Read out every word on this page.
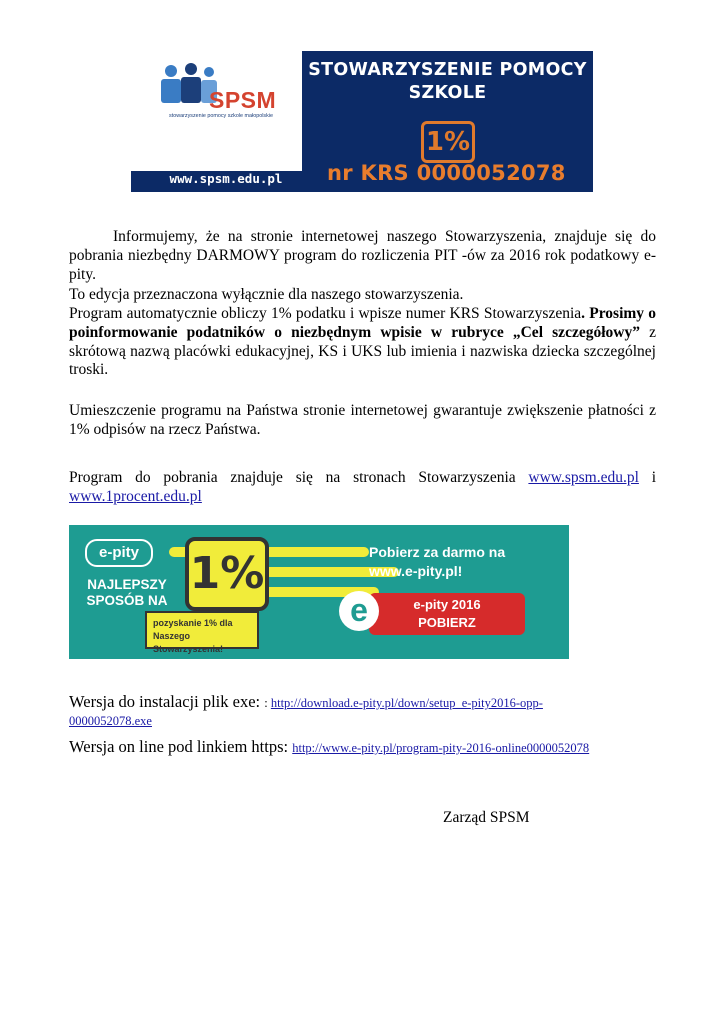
SPSM
stowarzyszenie pomocy szkole małopolskie
www.spsm.edu.pl
STOWARZYSZENIE POMOCY
SZKOLE
1%
nr KRS 0000052078
Informujemy, że na stronie internetowej naszego Stowarzyszenia, znajduje się do pobrania niezbędny DARMOWY program do rozliczenia PIT -ów za 2016 rok podatkowy e-pity.
To edycja przeznaczona wyłącznie dla naszego stowarzyszenia.
Program automatycznie obliczy 1% podatku i wpisze numer KRS Stowarzyszenia. Prosimy o poinformowanie podatników o niezbędnym wpisie w rubryce „Cel szczegółowy” z skrótową nazwą placówki edukacyjnej, KS i UKS lub imienia i nazwiska dziecka szczególnej troski.
Umieszczenie programu na Państwa stronie internetowej gwarantuje zwiększenie płatności z 1% odpisów na rzecz Państwa.
Program do pobrania znajduje się na stronach Stowarzyszenia www.spsm.edu.pl i www.1procent.edu.pl
e-pity
NAJLEPSZY SPOSÓB NA
1%
pozyskanie 1% dla Naszego Stowarzyszenia!
Pobierz za darmo na www.e-pity.pl!
e-pity 2016
POBIERZ
e
Wersja do instalacji plik exe: : http://download.e-pity.pl/down/setup_e-pity2016-opp-
0000052078.exe
Wersja on line pod linkiem https: http://www.e-pity.pl/program-pity-2016-online0000052078
Zarząd SPSM
